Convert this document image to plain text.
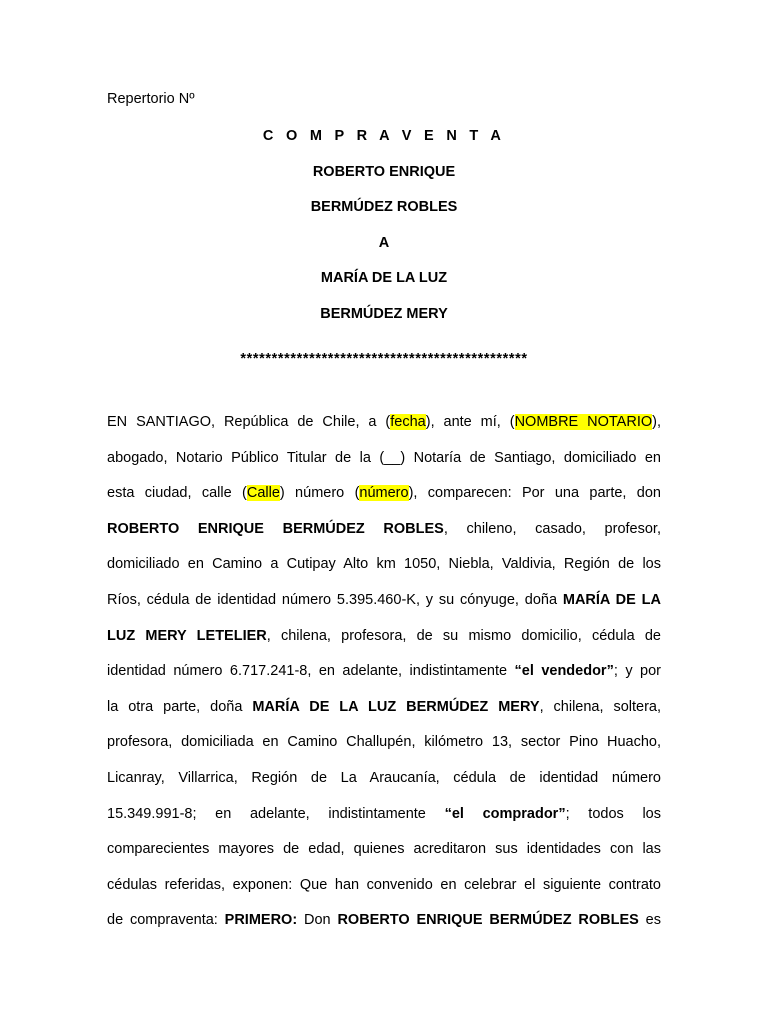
Repertorio Nº
C O M P R A V E N T A
ROBERTO ENRIQUE
BERMÚDEZ ROBLES
A
MARÍA DE LA LUZ
BERMÚDEZ MERY
**********************************************
EN SANTIAGO, República de Chile, a (fecha), ante mí, (NOMBRE NOTARIO),
abogado, Notario Público Titular de la (__) Notaría de Santiago, domiciliado en
esta ciudad, calle (Calle) número (número), comparecen: Por una parte, don
ROBERTO ENRIQUE BERMÚDEZ ROBLES, chileno, casado, profesor,
domiciliado en Camino a Cutipay Alto km 1050, Niebla, Valdivia, Región de los
Ríos, cédula de identidad número 5.395.460-K, y su cónyuge, doña MARÍA DE LA
LUZ MERY LETELIER, chilena, profesora, de su mismo domicilio, cédula de
identidad número 6.717.241-8, en adelante, indistintamente “el vendedor”; y por
la otra parte, doña MARÍA DE LA LUZ BERMÚDEZ MERY, chilena, soltera,
profesora, domiciliada en Camino Challupén, kilómetro 13, sector Pino Huacho,
Licanray, Villarrica, Región de La Araucanía, cédula de identidad número
15.349.991-8; en adelante, indistintamente “el comprador”; todos los
comparecientes mayores de edad, quienes acreditaron sus identidades con las
cédulas referidas, exponen: Que han convenido en celebrar el siguiente contrato
de compraventa: PRIMERO: Don ROBERTO ENRIQUE BERMÚDEZ ROBLES es
